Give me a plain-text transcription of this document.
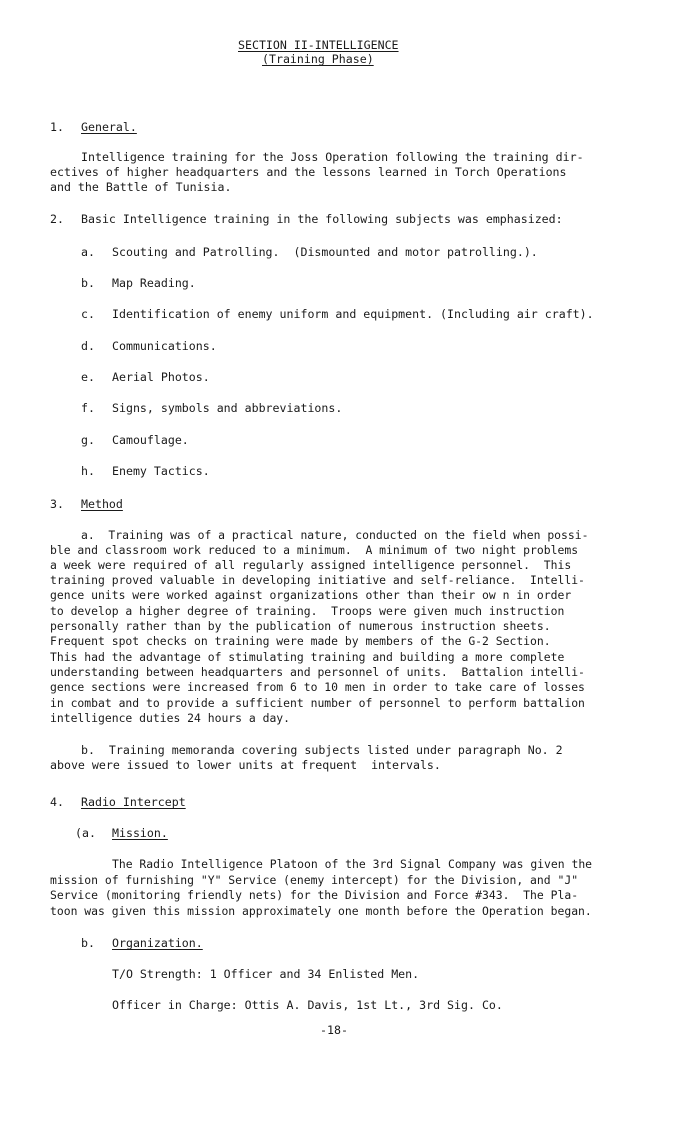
SECTION II-INTELLIGENCE
(Training Phase)
1. General.
Intelligence training for the Joss Operation following the training dir-
ectives of higher headquarters and the lessons learned in Torch Operations
and the Battle of Tunisia.
2. Basic Intelligence training in the following subjects was emphasized:
a. Scouting and Patrolling.  (Dismounted and motor patrolling.).
b. Map Reading.
c. Identification of enemy uniform and equipment. (Including air craft).
d. Communications.
e. Aerial Photos.
f. Signs, symbols and abbreviations.
g. Camouflage.
h. Enemy Tactics.
3. Method
a.  Training was of a practical nature, conducted on the field when possi-
ble and classroom work reduced to a minimum.  A minimum of two night problems
a week were required of all regularly assigned intelligence personnel.  This
training proved valuable in developing initiative and self-reliance.  Intelli-
gence units were worked against organizations other than their ow n in order
to develop a higher degree of training.  Troops were given much instruction
personally rather than by the publication of numerous instruction sheets.
Frequent spot checks on training were made by members of the G-2 Section.
This had the advantage of stimulating training and building a more complete
understanding between headquarters and personnel of units.  Battalion intelli-
gence sections were increased from 6 to 10 men in order to take care of losses
in combat and to provide a sufficient number of personnel to perform battalion
intelligence duties 24 hours a day.
b.  Training memoranda covering subjects listed under paragraph No. 2
above were issued to lower units at frequent  intervals.
4. Radio Intercept
(a. Mission.
The Radio Intelligence Platoon of the 3rd Signal Company was given the
mission of furnishing "Y" Service (enemy intercept) for the Division, and "J"
Service (monitoring friendly nets) for the Division and Force #343.  The Pla-
toon was given this mission approximately one month before the Operation began.
b. Organization.
T/O Strength: 1 Officer and 34 Enlisted Men.
Officer in Charge: Ottis A. Davis, 1st Lt., 3rd Sig. Co.
-18-
